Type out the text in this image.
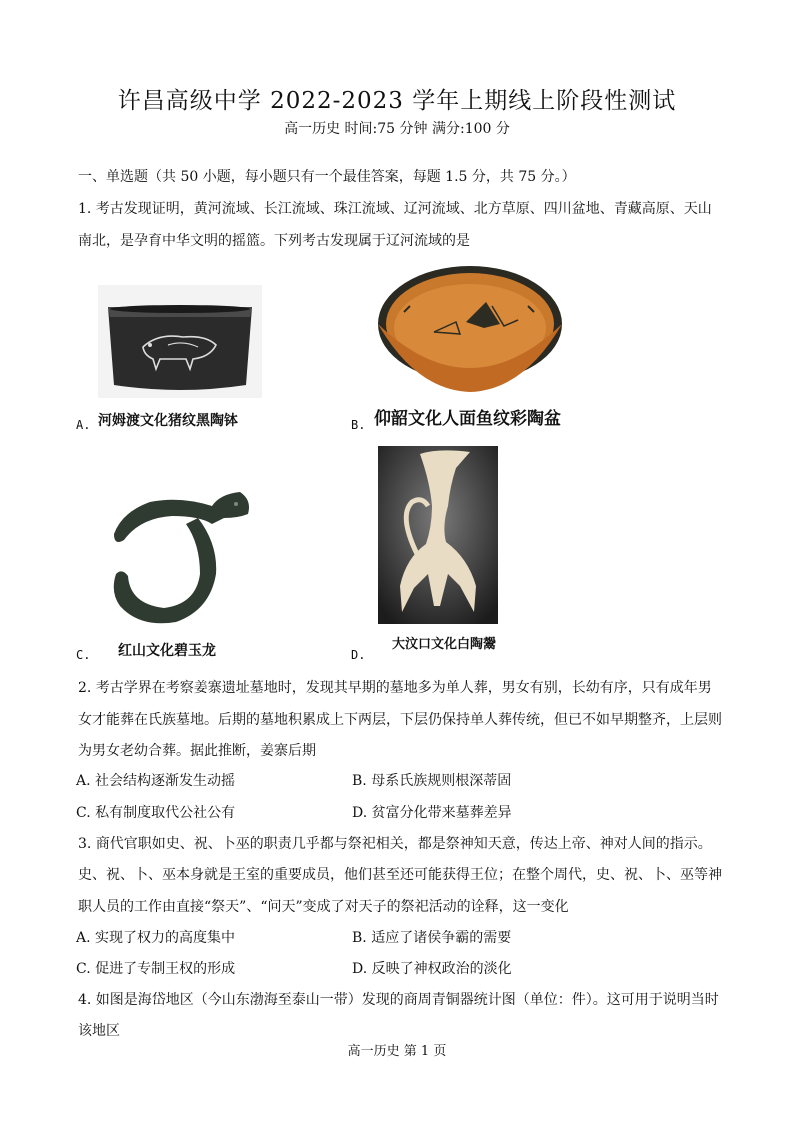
许昌高级中学 2022-2023 学年上期线上阶段性测试
高一历史 时间:75 分钟 满分:100 分
一、单选题（共 50 小题，每小题只有一个最佳答案，每题 1.5 分，共 75 分。）
1. 考古发现证明，黄河流域、长江流域、珠江流域、辽河流域、北方草原、四川盆地、青藏高原、天山
南北，是孕育中华文明的摇篮。下列考古发现属于辽河流域的是
A. 河姆渡文化猪纹黑陶钵	B. 仰韶文化人面鱼纹彩陶盆
C. 红山文化碧玉龙	D.
大汶口文化白陶鬶
2. 考古学界在考察姜寨遗址墓地时，发现其早期的墓地多为单人葬，男女有别，长幼有序，只有成年男
女才能葬在氏族墓地。后期的墓地积累成上下两层，下层仍保持单人葬传统，但已不如早期整齐，上层则
为男女老幼合葬。据此推断，姜寨后期
A. 社会结构逐渐发生动摇	B. 母系氏族规则根深蒂固
C. 私有制度取代公社公有	D. 贫富分化带来墓葬差异
3. 商代官职如史、祝、卜巫的职责几乎都与祭祀相关，都是祭神知天意，传达上帝、神对人间的指示。
史、祝、卜、巫本身就是王室的重要成员，他们甚至还可能获得王位；在整个周代，史、祝、卜、巫等神
职人员的工作由直接“祭天”、“问天”变成了对天子的祭祀活动的诠释，这一变化
A. 实现了权力的高度集中	B. 适应了诸侯争霸的需要
C. 促进了专制王权的形成	D. 反映了神权政治的淡化
4. 如图是海岱地区（今山东渤海至泰山一带）发现的商周青铜器统计图（单位：件）。这可用于说明当时
该地区
高一历史 第 1 页
